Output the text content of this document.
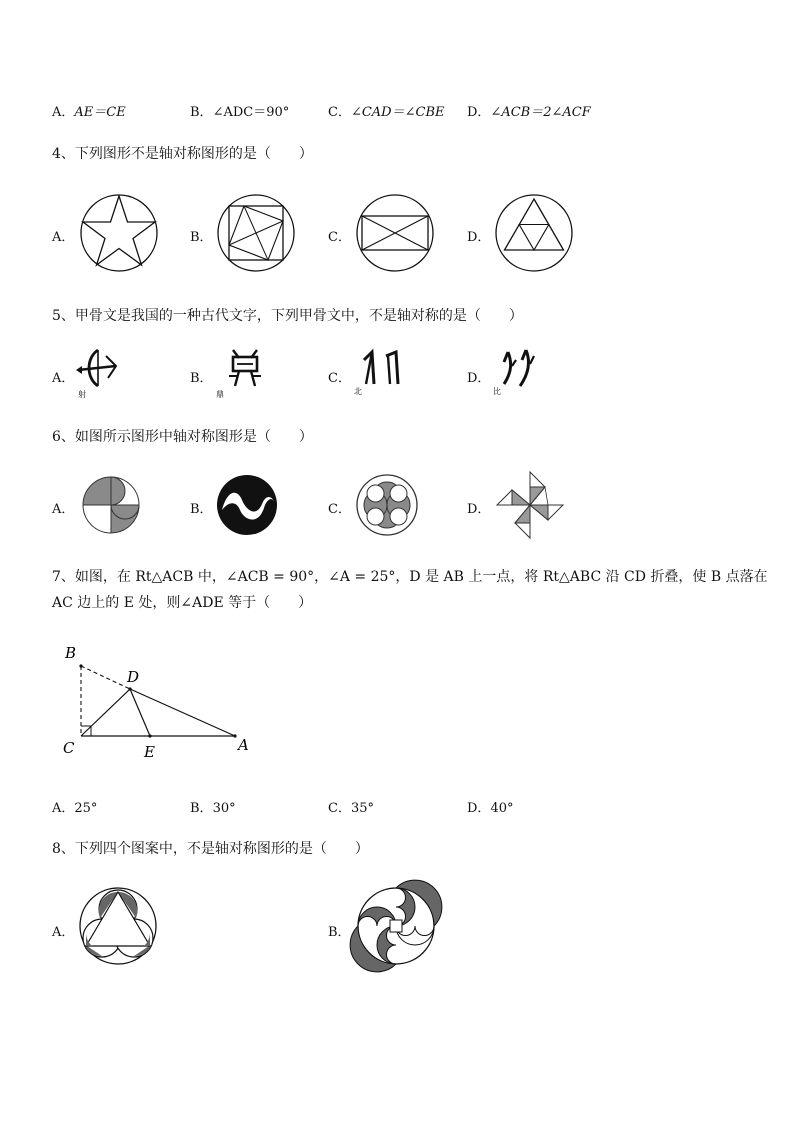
A．AE＝CE	B．∠ADC＝90°	C．∠CAD＝∠CBE D．∠ACB＝2∠ACF
4、下列图形不是轴对称图形的是（　　）
A．	B．	C．	D．
5、甲骨文是我国的一种古代文字，下列甲骨文中，不是轴对称的是（　　）
A．
射
B．
鼎
C．
北
D．
比
6、如图所示图形中轴对称图形是（　　）
A．	B．	C．	D．
7、如图，在 Rt△ACB 中，∠ACB = 90°，∠A = 25°，D 是 AB 上一点，将 Rt△ABC 沿 CD 折叠，使 B 点落在
AC 边上的 E 处，则∠ADE 等于（　　）
B
D
C	E	A
A．25°	B．30°	C．35°	D．40°
8、下列四个图案中，不是轴对称图形的是（　　）
A．	B．
